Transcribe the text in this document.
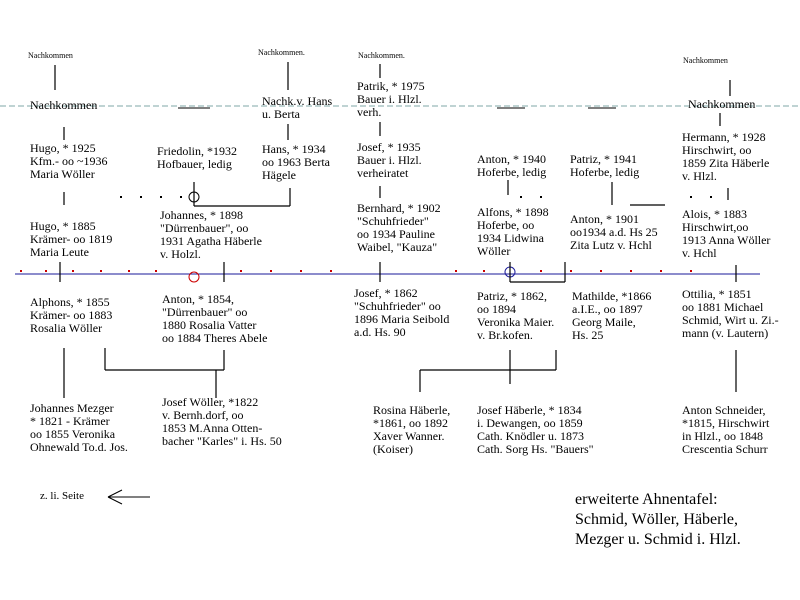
Nachkommen	Nachkommen.	Nachkommen.
Nachkommen
Nachkommen	Nachk.v. Hans
u. Berta
Patrik, * 1975
Bauer i. Hlzl.
verh.
Nachkommen
Hugo, * 1925
Kfm.- oo ~1936
Maria Wöller
Friedolin, *1932
Hofbauer, ledig
Hans, * 1934
oo 1963 Berta
Hägele
Josef, * 1935
Bauer i. Hlzl.
verheiratet
Anton, * 1940
Hoferbe, ledig
Patriz, * 1941
Hoferbe, ledig
Hermann, * 1928
Hirschwirt, oo
1859 Zita Häberle
v. Hlzl.
Hugo, * 1885
Krämer- oo 1819
Maria Leute
Johannes, * 1898
"Dürrenbauer", oo
1931 Agatha Häberle
v. Holzl.
Bernhard, * 1902
"Schuhfrieder"
oo 1934 Pauline
Waibel, "Kauza"
Alfons, * 1898
Hoferbe, oo
1934 Lidwina
Wöller
Anton, * 1901
oo1934 a.d. Hs 25
Zita Lutz v. Hchl
Alois, * 1883
Hirschwirt,oo
1913 Anna Wöller
v. Hchl
Alphons, * 1855
Krämer- oo 1883
Rosalia Wöller
Anton, * 1854,
"Dürrenbauer" oo
1880 Rosalia Vatter
oo 1884 Theres Abele
Josef, * 1862
"Schuhfrieder" oo
1896 Maria Seibold
a.d. Hs. 90
Patriz, * 1862,
oo 1894
Veronika Maier.
v. Br.kofen.
Mathilde, *1866
a.I.E., oo 1897
Georg Maile,
Hs. 25
Ottilia, * 1851
oo 1881 Michael
Schmid, Wirt u. Zi.-
mann (v. Lautern)
Johannes Mezger
* 1821 - Krämer
oo 1855 Veronika
Ohnewald To.d. Jos.
Josef Wöller, *1822
v. Bernh.dorf, oo
1853 M.Anna Otten-
bacher "Karles" i. Hs. 50
Rosina Häberle,
*1861, oo 1892
Xaver Wanner.
(Koiser)
Josef Häberle, * 1834
i. Dewangen, oo 1859
Cath. Knödler u. 1873
Cath. Sorg Hs. "Bauers"
Anton Schneider,
*1815, Hirschwirt
in Hlzl., oo 1848
Crescentia Schurr
z. li. Seite	erweiterte Ahnentafel:
Schmid, Wöller, Häberle,
Mezger u. Schmid i. Hlzl.
